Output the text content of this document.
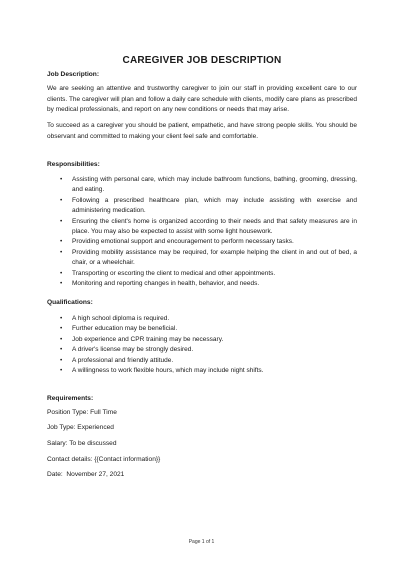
CAREGIVER JOB DESCRIPTION
Job Description:
We are seeking an attentive and trustworthy caregiver to join our staff in providing excellent care to our clients. The caregiver will plan and follow a daily care schedule with clients, modify care plans as prescribed by medical professionals, and report on any new conditions or needs that may arise.
To succeed as a caregiver you should be patient, empathetic, and have strong people skills. You should be observant and committed to making your client feel safe and comfortable.
Responsibilities:
• Assisting with personal care, which may include bathroom functions, bathing, grooming, dressing, and eating.
• Following a prescribed healthcare plan, which may include assisting with exercise and administering medication.
• Ensuring the client's home is organized according to their needs and that safety measures are in place. You may also be expected to assist with some light housework.
• Providing emotional support and encouragement to perform necessary tasks.
• Providing mobility assistance may be required, for example helping the client in and out of bed, a chair, or a wheelchair.
• Transporting or escorting the client to medical and other appointments.
• Monitoring and reporting changes in health, behavior, and needs.
Qualifications:
• A high school diploma is required.
• Further education may be beneficial.
• Job experience and CPR training may be necessary.
• A driver's license may be strongly desired.
• A professional and friendly attitude.
• A willingness to work flexible hours, which may include night shifts.
Requirements:
Position Type: Full Time
Job Type: Experienced
Salary: To be discussed
Contact details: {{Contact information}}
Date:  November 27, 2021
Page 1 of 1
